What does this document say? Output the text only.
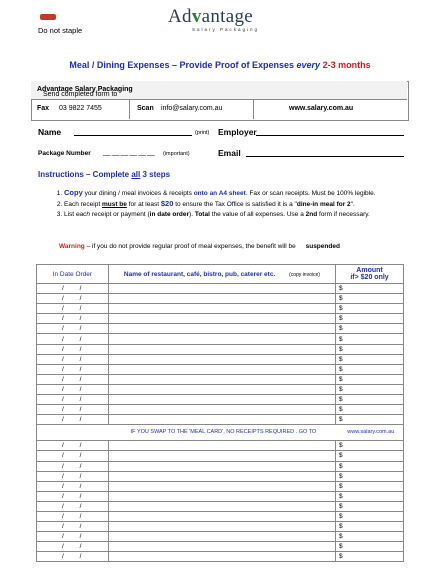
Do not staple
Advantage
Salary Packaging
Meal / Dining Expenses – Provide Proof of Expenses every 2-3 months
Send completed form to
Advantage Salary Packaging
Fax 03 9822 7455	Scan info@salary.com.au	www.salary.com.au
Name	(print) Employer
Package Number __ __ __ __ __ __ (important)	Email
Instructions – Complete all 3 steps
1. Copy your dining / meal invoices & receipts onto an A4 sheet. Fax or scan receipts. Must be 100% legible.
2. Each receipt must be for at least $20 to ensure the Tax Office is satisfied it is a "dine-in meal for 2".
3. List each receipt or payment (in date order). Total the value of all expenses. Use a 2nd form if necessary.
Warning – if you do not provide regular proof of meal expenses, the benefit will be suspended
In Date Order	Name of restaurant, café, bistro, pub, caterer etc. (copy invoice)	Amount
if> $20 only

/ /		$
/ /		$
/ /		$
/ /		$
/ /		$
/ /		$
/ /		$
/ /		$
/ /		$
/ /		$
/ /		$
/ /		$
/ /		$
/ /		$
	IF YOU SWAP TO THE 'MEAL CARD', NO RECEIPTS REQUIRED . GO TO	www.salary.com.au
/ /		$
/ /		$
/ /		$
/ /		$
/ /		$
/ /		$
/ /		$
/ /		$
/ /		$
/ /		$
/ /		$
/ /		$
